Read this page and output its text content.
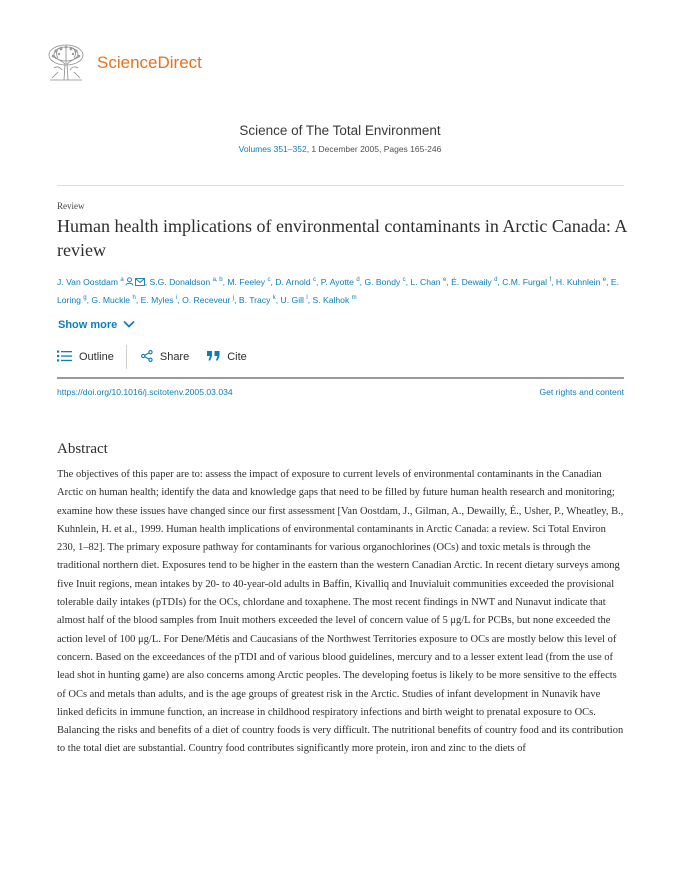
ScienceDirect
Science of The Total Environment
Volumes 351–352, 1 December 2005, Pages 165-246
Review
Human health implications of environmental contaminants in Arctic Canada: A review
J. Van Oostdam $^a$ , S.G. Donaldson $^{a, b}$, M. Feeley $^c$, D. Arnold $^c$, P. Ayotte $^d$, G. Bondy $^c$, L. Chan $^e$, É. Dewaily $^d$, C.M. Furgal $^f$, H. Kuhnlein $^e$, E. Loring $^g$, G. Muckle $^h$, E. Myles $^i$, O. Receveur $^j$, B. Tracy $^k$, U. Gill $^l$, S. Kalhok $^m$
Show more
Outline	Share	Cite
https://doi.org/10.1016/j.scitotenv.2005.03.034	Get rights and content
Abstract

The objectives of this paper are to: assess the impact of exposure to current levels of environmental contaminants in the Canadian Arctic on human health; identify the data and knowledge gaps that need to be filled by future human health research and monitoring; examine how these issues have changed since our first assessment [Van Oostdam, J., Gilman, A., Dewailly, É., Usher, P., Wheatley, B., Kuhnlein, H. et al., 1999. Human health implications of environmental contaminants in Arctic Canada: a review. Sci Total Environ 230, 1–82]. The primary exposure pathway for contaminants for various organochlorines (OCs) and toxic metals is through the traditional northern diet. Exposures tend to be higher in the eastern than the western Canadian Arctic. In recent dietary surveys among five Inuit regions, mean intakes by 20- to 40-year-old adults in Baffin, Kivalliq and Inuvialuit communities exceeded the provisional tolerable daily intakes (pTDIs) for the OCs, chlordane and toxaphene. The most recent findings in NWT and Nunavut indicate that almost half of the blood samples from Inuit mothers exceeded the level of concern value of 5 μg/L for PCBs, but none exceeded the action level of 100 μg/L. For Dene/Métis and Caucasians of the Northwest Territories exposure to OCs are mostly below this level of concern. Based on the exceedances of the pTDI and of various blood guidelines, mercury and to a lesser extent lead (from the use of lead shot in hunting game) are also concerns among Arctic peoples. The developing foetus is likely to be more sensitive to the effects of OCs and metals than adults, and is the age groups of greatest risk in the Arctic. Studies of infant development in Nunavik have linked deficits in immune function, an increase in childhood respiratory infections and birth weight to prenatal exposure to OCs. Balancing the risks and benefits of a diet of country foods is very difficult. The nutritional benefits of country food and its contribution to the total diet are substantial. Country food contributes significantly more protein, iron and zinc to the diets of
